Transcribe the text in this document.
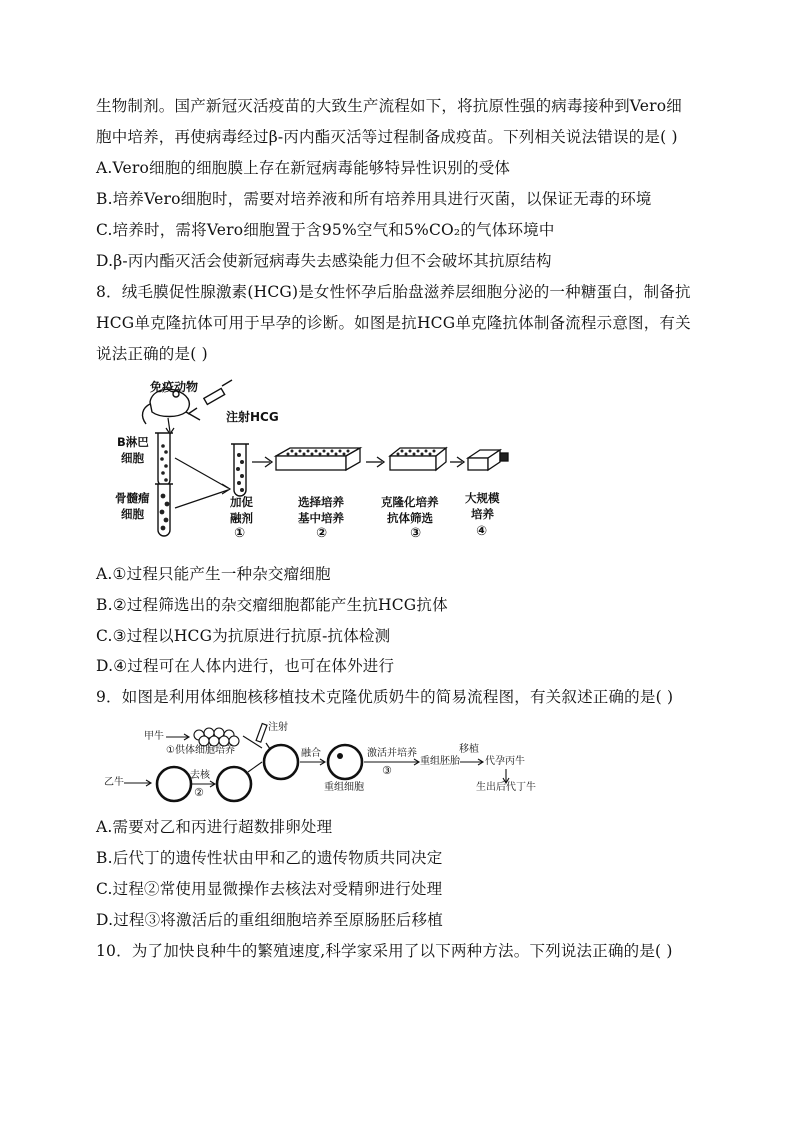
生物制剂。国产新冠灭活疫苗的大致生产流程如下，将抗原性强的病毒接种到Vero细
胞中培养，再使病毒经过β-丙内酯灭活等过程制备成疫苗。下列相关说法错误的是( )
A.Vero细胞的细胞膜上存在新冠病毒能够特异性识别的受体
B.培养Vero细胞时，需要对培养液和所有培养用具进行灭菌，以保证无毒的环境
C.培养时，需将Vero细胞置于含95%空气和5%CO₂的气体环境中
D.β-丙内酯灭活会使新冠病毒失去感染能力但不会破坏其抗原结构
8．绒毛膜促性腺激素(HCG)是女性怀孕后胎盘滋养层细胞分泌的一种糖蛋白，制备抗
HCG单克隆抗体可用于早孕的诊断。如图是抗HCG单克隆抗体制备流程示意图，有关
说法正确的是( )
免疫动物
注射HCG
B淋巴
细胞
骨髓瘤
细胞
加促
融剂
①
选择培养
基中培养
②
克隆化培养
抗体筛选
③
大规模
培养
④
A.①过程只能产生一种杂交瘤细胞
B.②过程筛选出的杂交瘤细胞都能产生抗HCG抗体
C.③过程以HCG为抗原进行抗原-抗体检测
D.④过程可在人体内进行，也可在体外进行
9．如图是利用体细胞核移植技术克隆优质奶牛的简易流程图，有关叙述正确的是( )
甲牛
①供体细胞培养
注射
乙牛
去核
②
融合
重组细胞
激活并培养
③
重组胚胎
移植
代孕丙牛
生出后代丁牛
A.需要对乙和丙进行超数排卵处理
B.后代丁的遗传性状由甲和乙的遗传物质共同决定
C.过程②常使用显微操作去核法对受精卵进行处理
D.过程③将激活后的重组细胞培养至原肠胚后移植
10．为了加快良种牛的繁殖速度,科学家采用了以下两种方法。下列说法正确的是( )
